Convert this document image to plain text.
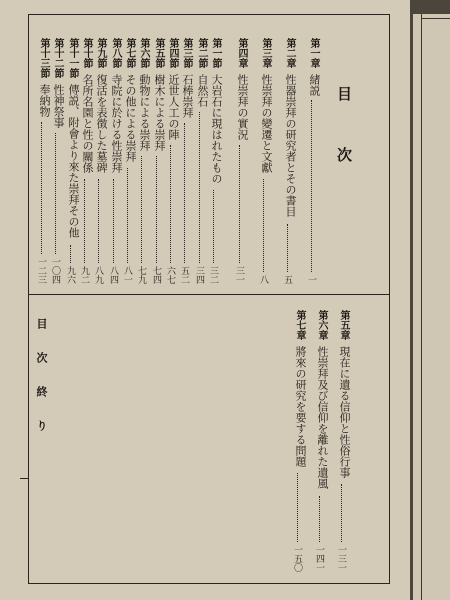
目 次
目 次 終 り
第一章
緒説
一
第二章
性器崇拜の研究者とその書目
五
第三章
性崇拜の變遷と文獻
八
第四章
性崇拜の實況
三一
第一節
大岩石に現はれたもの
三二
第二節
自然石
三四
第三節
石棒崇拜
五二
第四節
近世人工の陣
六七
第五節
樹木による崇拜
七四
第六節
動物による崇拜
七九
第七節
その他による崇拜
八一
第八節
寺院に於ける性崇拜
八四
第九節
復活を表徴した墓碑
八九
第十節
名所名園と性の關係
九二
第十一節
傳説、附會より來た崇拜その他
九六
第十二節
性神祭事
一〇四
第十三節
奉納物
一二三
第五章
現在に遺る信仰と性俗行事
一三一
第六章
性崇拜及び信仰を離れた遺風
一四一
第七章
將來の研究を要する問題
一五〇
